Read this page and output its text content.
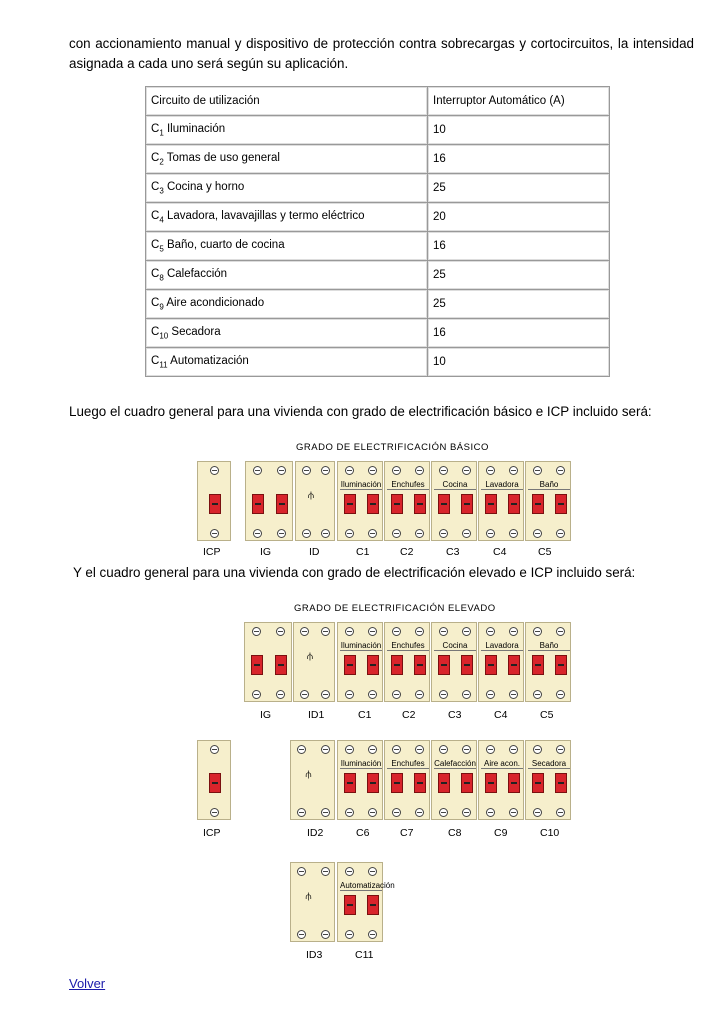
con accionamiento manual y dispositivo de protección contra sobrecargas y cortocircuitos, la intensidad asignada a cada uno será según su aplicación.
Circuito de utilización	Interruptor Automático (A)
$C_1$ Iluminación	10
$C_2$ Tomas de uso general	16
$C_3$ Cocina y horno	25
$C_4$ Lavadora, lavavajillas y termo eléctrico	20
$C_5$ Baño, cuarto de cocina	16
$C_8$ Calefacción	25
$C_9$ Aire acondicionado	25
$C_{10}$ Secadora	16
$C_{11}$ Automatización	10
Luego el cuadro general para una vivienda con grado de electrificación básico e ICP incluido será:
GRADO DE ELECTRIFICACIÓN BÁSICO
⫛
Iluminación	Enchufes	Cocina	Lavadora	Baño
ICP	IG	ID	C1	C2	C3	C4	C5
Y el cuadro general para una vivienda con grado de electrificación elevado e ICP incluido será:
GRADO DE ELECTRIFICACIÓN ELEVADO
⫛
Iluminación	Enchufes	Cocina	Lavadora	Baño
IG	ID1	C1	C2	C3	C4	C5
⫛
Iluminación	Enchufes	Calefacción	Aire acon.	Secadora
ICP	ID2	C6	C7	C8	C9	C10
⫛
Automatización
ID3	C11
Volver
